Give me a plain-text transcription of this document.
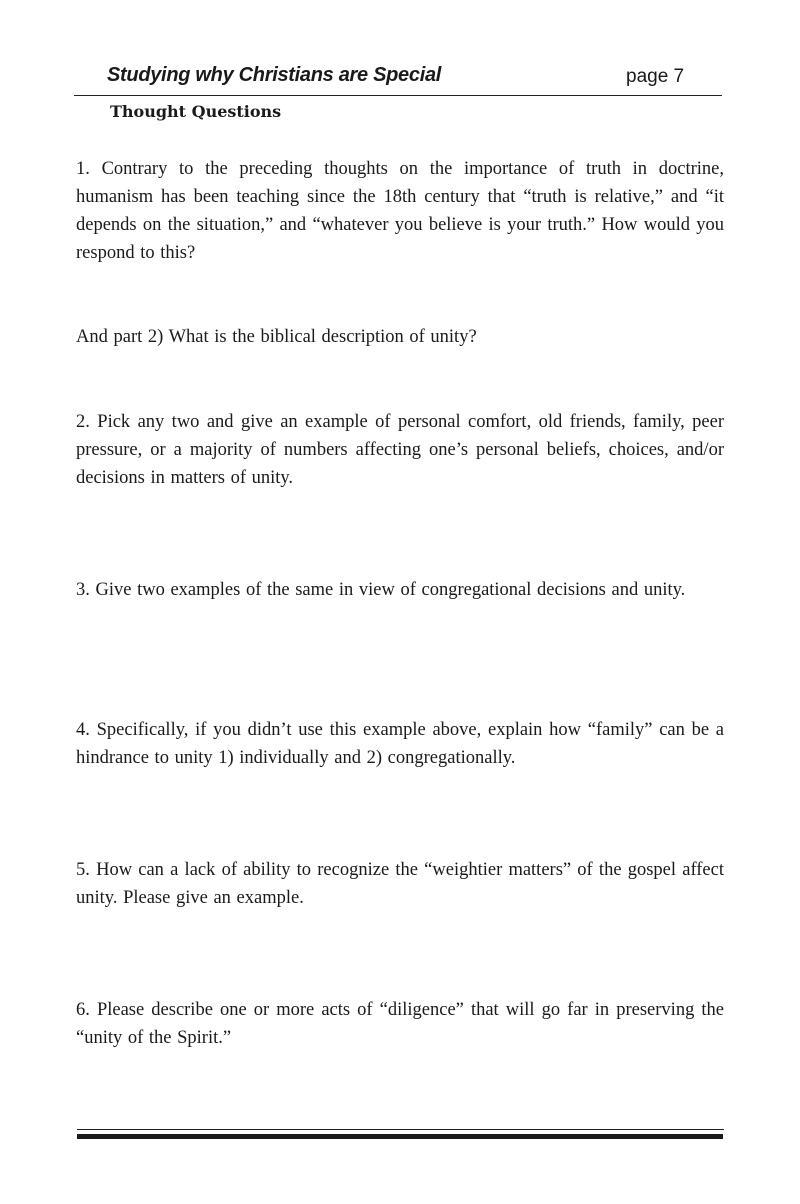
Studying why Christians are Special	page 7
Thought Questions

1. Contrary to the preceding thoughts on the importance of truth in doctrine, humanism has been teaching since the 18th century that “truth is relative,” and “it depends on the situation,” and “whatever you believe is your truth.” How would you respond to this?

And part 2) What is the biblical description of unity?

2. Pick any two and give an example of personal comfort, old friends, family, peer pressure, or a majority of numbers affecting one’s personal beliefs, choices, and/or decisions in matters of unity.

3. Give two examples of the same in view of congregational decisions and unity.

4. Specifically, if you didn’t use this example above, explain how “family” can be a hindrance to unity 1) individually and 2) congregationally.

5. How can a lack of ability to recognize the “weightier matters” of the gospel affect unity. Please give an example.

6. Please describe one or more acts of “diligence” that will go far in preserving the “unity of the Spirit.”
